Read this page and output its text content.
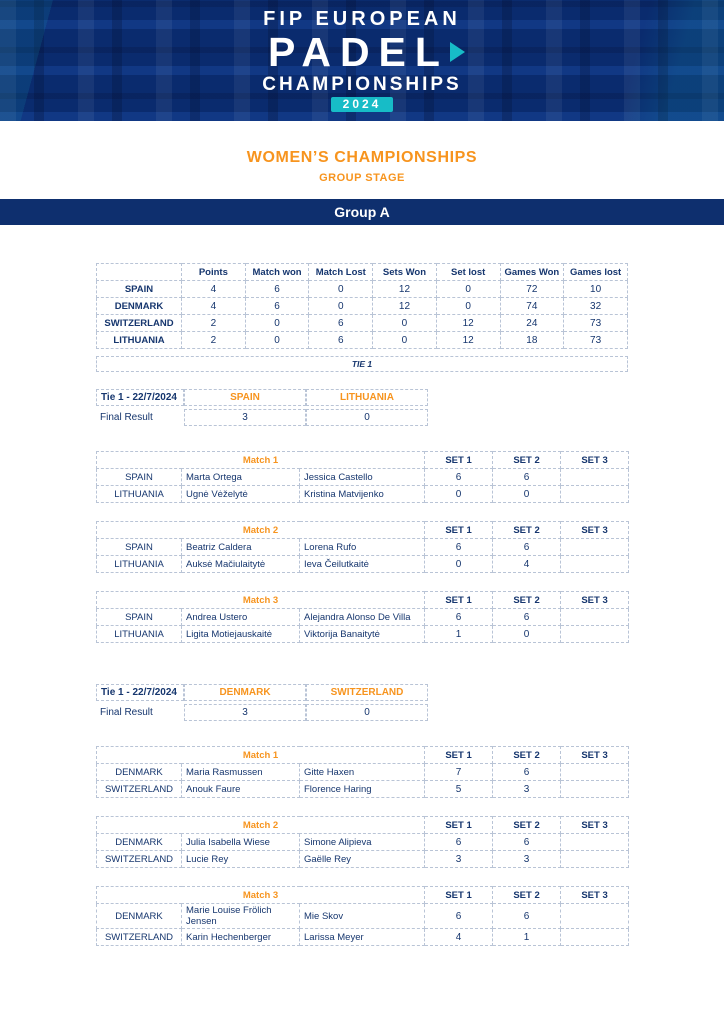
FIP EUROPEAN
PADEL
CHAMPIONSHIPS
2024
WOMEN’S CHAMPIONSHIPS
GROUP STAGE
Group A
	Points	Match won	Match Lost	Sets Won	Set lost	Games Won	Games lost
SPAIN	4	6	0	12	0	72	10
DENMARK	4	6	0	12	0	74	32
SWITZERLAND	2	0	6	0	12	24	73
LITHUANIA	2	0	6	0	12	18	73
TIE 1
Tie 1 - 22/7/2024	SPAIN	LITHUANIA	
Final Result	3	0	
Match 1			SET 1	SET 2	SET 3
SPAIN	Marta Ortega	Jessica Castello	6	6	
LITHUANIA	Ugnė Vėželytė	Kristina Matvijenko	0	0	
Match 2			SET 1	SET 2	SET 3
SPAIN	Beatriz Caldera	Lorena Rufo	6	6	
LITHUANIA	Auksė Mačiulaitytė	Ieva Čeilutkaitė	0	4	
Match 3			SET 1	SET 2	SET 3
SPAIN	Andrea Ustero	Alejandra Alonso De Villa	6	6	
LITHUANIA	Ligita Motiejauskaitė	Viktorija Banaitytė	1	0	
Tie 1 - 22/7/2024	DENMARK	SWITZERLAND	
Final Result	3	0	
Match 1			SET 1	SET 2	SET 3
DENMARK	Maria Rasmussen	Gitte Haxen	7	6	
SWITZERLAND	Anouk Faure	Florence Haring	5	3	
Match 2			SET 1	SET 2	SET 3
DENMARK	Julia Isabella Wiese	Simone Alipieva	6	6	
SWITZERLAND	Lucie Rey	Gaëlle Rey	3	3	
Match 3			SET 1	SET 2	SET 3
DENMARK	Marie Louise Frölich Jensen	Mie Skov	6	6	
SWITZERLAND	Karin Hechenberger	Larissa Meyer	4	1	
